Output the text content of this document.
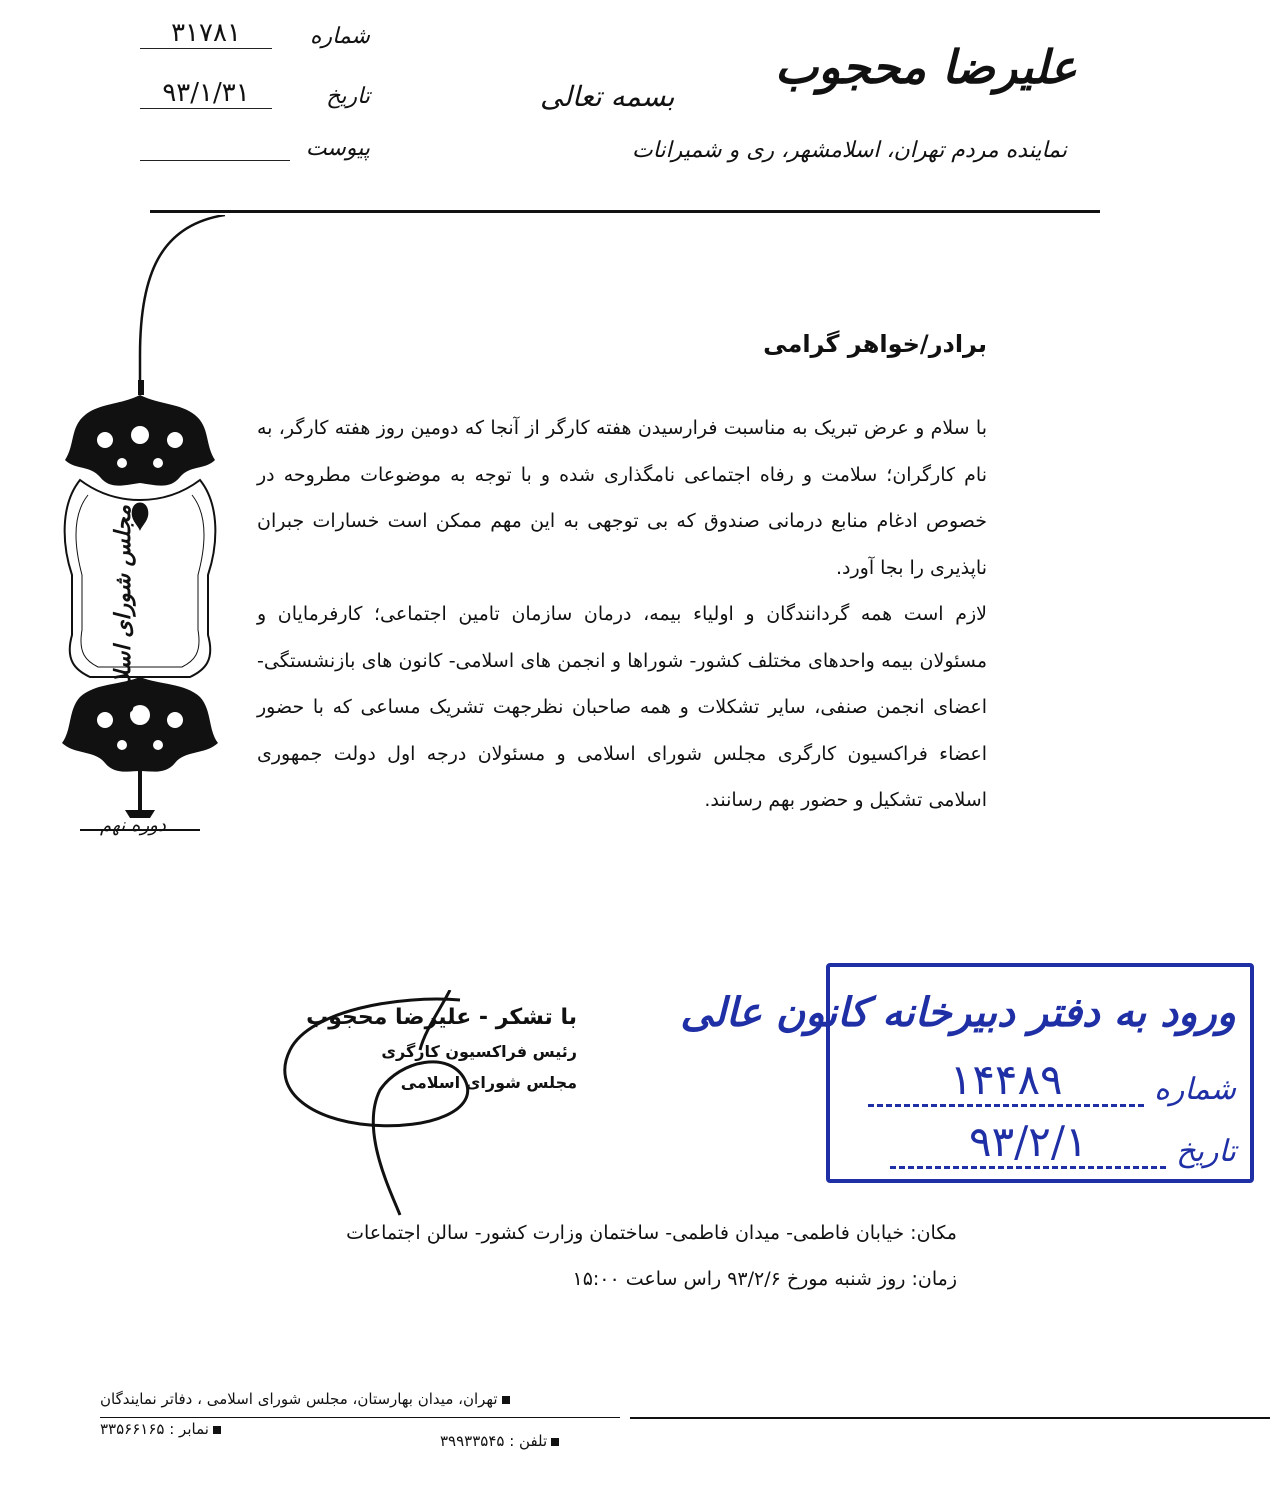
علیرضا محجوب
نماینده مردم تهران، اسلامشهر، ری و شمیرانات
بسمه تعالی
۳۱۷۸۱	شماره
۹۳/۱/۳۱	تاریخ
پیوست
مجلس شورای اسلامی
دوره نهم
برادر/خواهر گرامی

با سلام و عرض تبریک به مناسبت فرارسیدن هفته کارگر از آنجا که دومین روز هفته کارگر، به نام کارگران؛ سلامت و رفاه اجتماعی نامگذاری شده و با توجه به موضوعات مطروحه در خصوص ادغام منابع درمانی صندوق که بی توجهی به این مهم ممکن است خسارات جبران ناپذیری را بجا آورد.

لازم است همه گردانندگان و اولیاء بیمه، درمان سازمان تامین اجتماعی؛ کارفرمایان و مسئولان بیمه واحدهای مختلف کشور- شوراها و انجمن های اسلامی- کانون های بازنشستگی- اعضای انجمن صنفی، سایر تشکلات و همه صاحبان نظرجهت تشریک مساعی که با حضور اعضاء فراکسیون کارگری مجلس شورای اسلامی و مسئولان درجه اول دولت جمهوری اسلامی تشکیل و حضور بهم رسانند.

با تشکر - علیرضا محجوب
رئیس فراکسیون کارگری
مجلس شورای اسلامی
ورود به دفتر دبیرخانه کانون عالی
۱۴۴۸۹	شماره
۹۳/۲/۱	تاریخ
مکان: خیابان فاطمی- میدان فاطمی- ساختمان وزارت کشور- سالن اجتماعات
زمان: روز شنبه مورخ ۹۳/۲/۶ راس ساعت ۱۵:۰۰
تهران، میدان بهارستان، مجلس شورای اسلامی ، دفاتر نمایندگان
تلفن : ۳۹۹۳۳۵۴۵
نمابر : ۳۳۵۶۶۱۶۵
